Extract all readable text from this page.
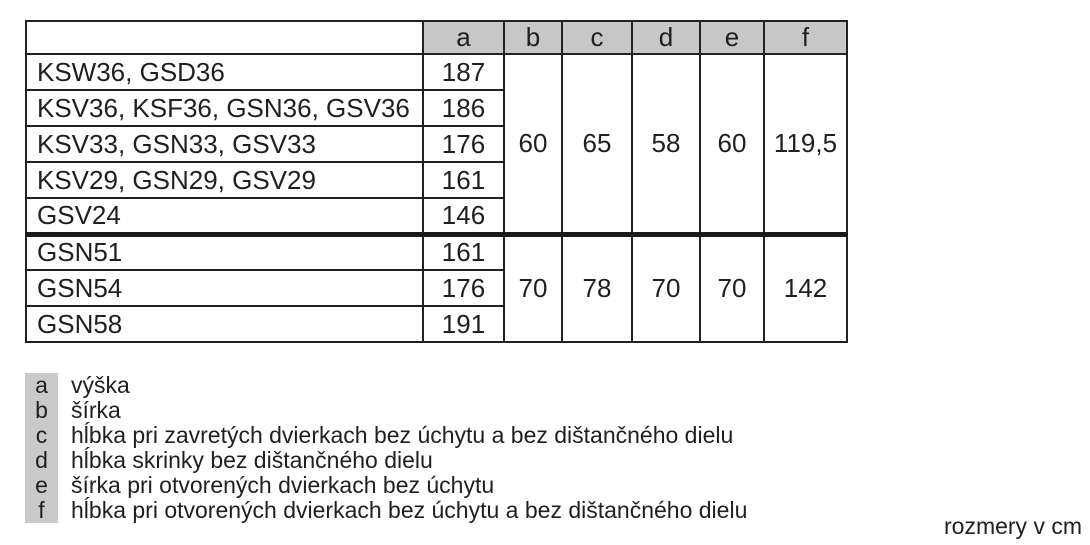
	a	b	c	d	e	f
KSW36, GSD36	187	60	65	58	60	119,5
KSV36, KSF36, GSN36, GSV36	186					
KSV33, GSN33, GSV33	176					
KSV29, GSN29, GSV29	161					
GSV24	146					
GSN51	161	70	78	70	70	142
GSN54	176					
GSN58	191					
a	výška
b	šírka
c	hĺbka pri zavretých dvierkach bez úchytu a bez dištančného dielu
d	hĺbka skrinky bez dištančného dielu
e	šírka pri otvorených dvierkach bez úchytu
f	hĺbka pri otvorených dvierkach bez úchytu a bez dištančného dielu
rozmery v cm
